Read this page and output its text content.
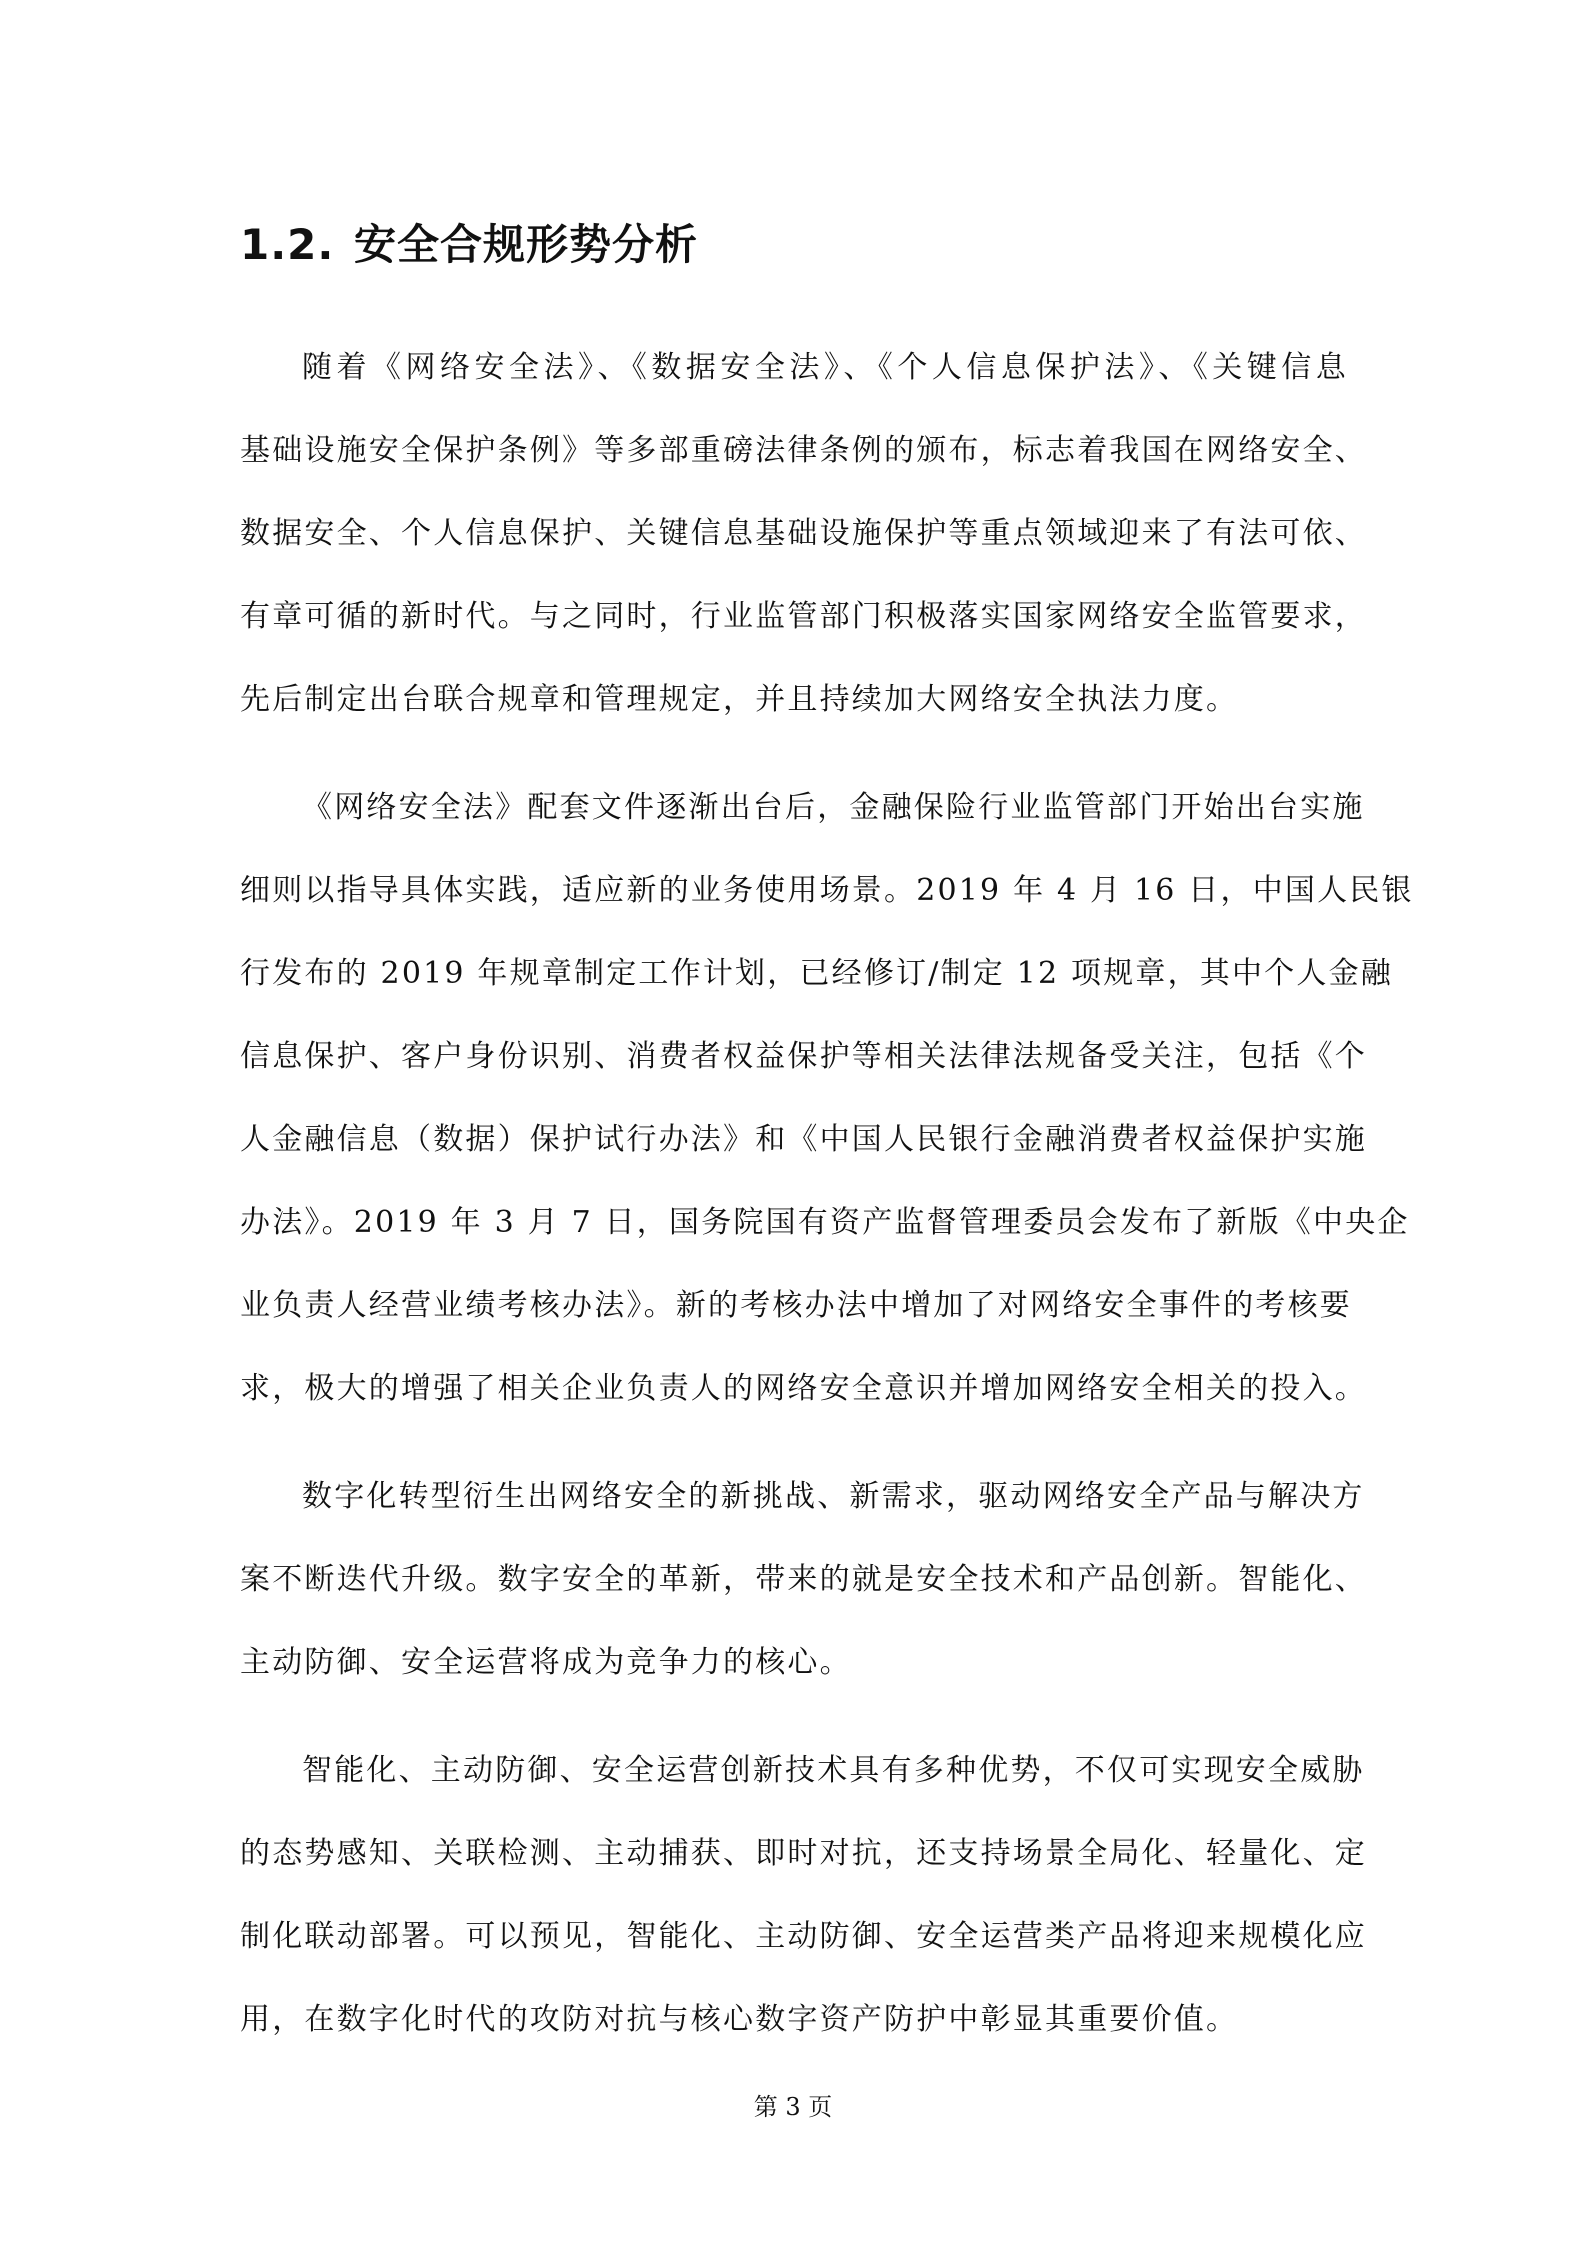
1.2. 安全合规形势分析
随着《网络安全法》、《数据安全法》、《个人信息保护法》、《关键信息
基础设施安全保护条例》等多部重磅法律条例的颁布，标志着我国在网络安全、
数据安全、个人信息保护、关键信息基础设施保护等重点领域迎来了有法可依、
有章可循的新时代。与之同时，行业监管部门积极落实国家网络安全监管要求，
先后制定出台联合规章和管理规定，并且持续加大网络安全执法力度。
《网络安全法》配套文件逐渐出台后，金融保险行业监管部门开始出台实施
细则以指导具体实践，适应新的业务使用场景。2019 年 4 月 16 日，中国人民银
行发布的 2019 年规章制定工作计划，已经修订/制定 12 项规章，其中个人金融
信息保护、客户身份识别、消费者权益保护等相关法律法规备受关注，包括《个
人金融信息（数据）保护试行办法》和《中国人民银行金融消费者权益保护实施
办法》。2019 年 3 月 7 日，国务院国有资产监督管理委员会发布了新版《中央企
业负责人经营业绩考核办法》。新的考核办法中增加了对网络安全事件的考核要
求，极大的增强了相关企业负责人的网络安全意识并增加网络安全相关的投入。
数字化转型衍生出网络安全的新挑战、新需求，驱动网络安全产品与解决方
案不断迭代升级。数字安全的革新，带来的就是安全技术和产品创新。智能化、
主动防御、安全运营将成为竞争力的核心。
智能化、主动防御、安全运营创新技术具有多种优势，不仅可实现安全威胁
的态势感知、关联检测、主动捕获、即时对抗，还支持场景全局化、轻量化、定
制化联动部署。可以预见，智能化、主动防御、安全运营类产品将迎来规模化应
用，在数字化时代的攻防对抗与核心数字资产防护中彰显其重要价值。

第 3 页
